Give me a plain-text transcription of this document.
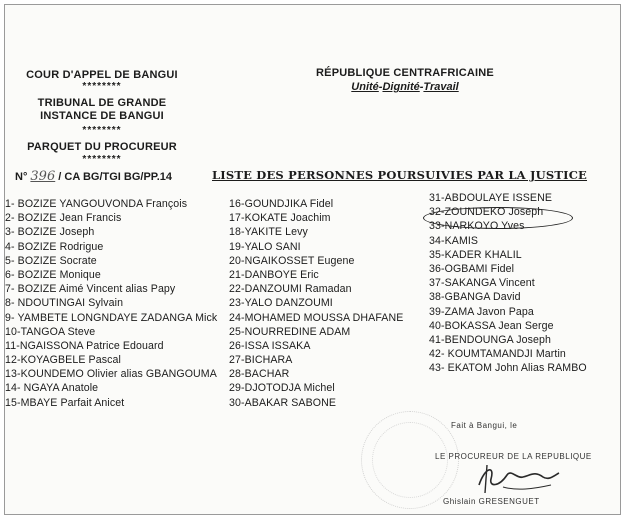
COUR D'APPEL DE BANGUI
********
TRIBUNAL DE GRANDE
INSTANCE DE BANGUI
********
PARQUET DU PROCUREUR
********
RÉPUBLIQUE CENTRAFRICAINE
Unité-Dignité-Travail
N° 396 / CA BG/TGI BG/PP.14	LISTE DES PERSONNES POURSUIVIES PAR LA JUSTICE
1- BOZIZE YANGOUVONDA François
2- BOZIZE Jean Francis
3- BOZIZE Joseph
4- BOZIZE Rodrigue
5- BOZIZE Socrate
6- BOZIZE Monique
7- BOZIZE Aimé Vincent alias Papy
8- NDOUTINGAI Sylvain
9- YAMBETE LONGNDAYE ZADANGA Mick
10-TANGOA Steve
11-NGAISSONA Patrice Edouard
12-KOYAGBELE Pascal
13-KOUNDEMO Olivier alias GBANGOUMA
14- NGAYA Anatole
15-MBAYE Parfait Anicet
16-GOUNDJIKA Fidel
17-KOKATE Joachim
18-YAKITE Levy
19-YALO SANI
20-NGAIKOSSET Eugene
21-DANBOYE Eric
22-DANZOUMI Ramadan
23-YALO DANZOUMI
24-MOHAMED MOUSSA DHAFANE
25-NOURREDINE ADAM
26-ISSA ISSAKA
27-BICHARA
28-BACHAR
29-DJOTODJA Michel
30-ABAKAR SABONE
31-ABDOULAYE ISSENE
32-ZOUNDEKO Joseph
33-NARKOYO Yves
34-KAMIS
35-KADER KHALIL
36-OGBAMI Fidel
37-SAKANGA Vincent
38-GBANGA David
39-ZAMA Javon Papa
40-BOKASSA Jean Serge
41-BENDOUNGA Joseph
42- KOUMTAMANDJI Martin
43- EKATOM John Alias RAMBO
Fait à Bangui, le
LE PROCUREUR DE LA REPUBLIQUE
Ghislain GRESENGUET
